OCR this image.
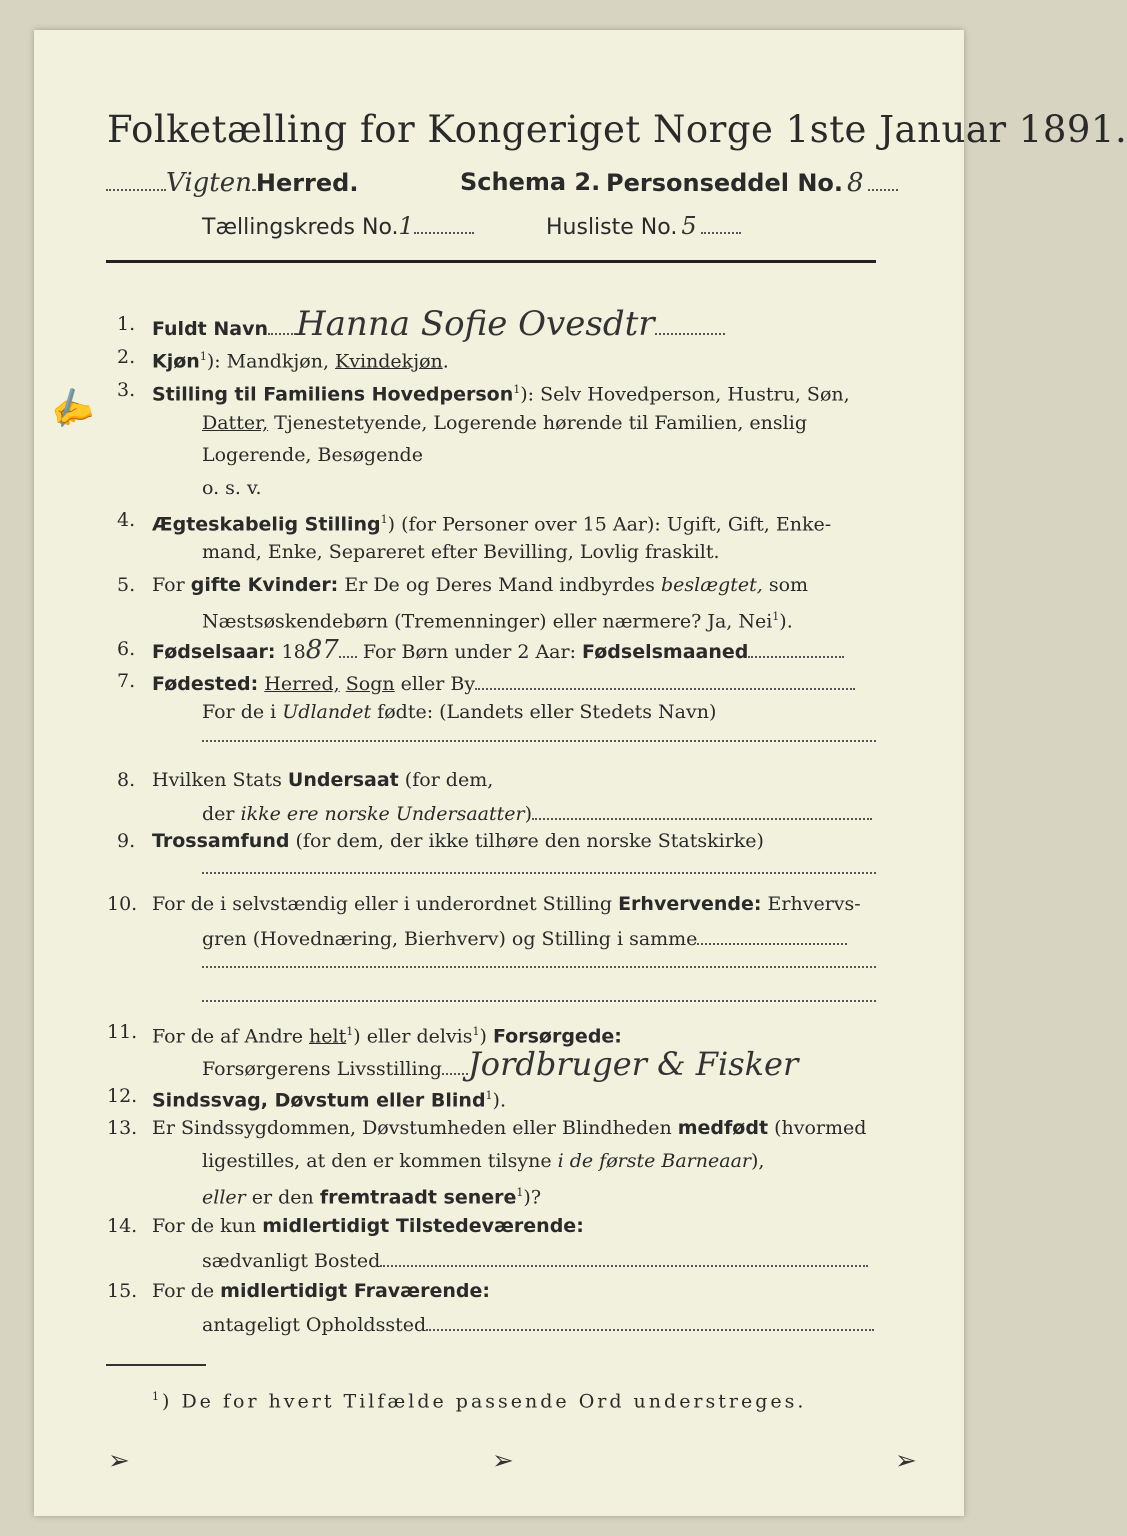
Folketælling for Kongeriget Norge 1ste Januar 1891.
Vigten Herred.	Schema 2. Personseddel No. 8
Tællingskreds No.1	Husliste No. 5
1. Fuldt Navn Hanna Sofie Ovesdtr
2. Kjøn$^1$): Mandkjøn, Kvindekjøn.
3. Stilling til Familiens Hovedperson$^1$): Selv Hovedperson, Hustru, Søn,
Datter, Tjenestetyende, Logerende hørende til Familien, enslig
Logerende, Besøgende
o. s. v.
4. Ægteskabelig Stilling$^1$) (for Personer over 15 Aar): Ugift, Gift, Enke-
mand, Enke, Separeret efter Bevilling, Lovlig fraskilt.
5. For gifte Kvinder: Er De og Deres Mand indbyrdes beslægtet, som
Næstsøskendebørn (Tremenninger) eller nærmere? Ja, Nei$^1$).
6. Fødselsaar: 1887 For Børn under 2 Aar: Fødselsmaaned
7. Fødested: Herred, Sogn eller By
For de i Udlandet fødte: (Landets eller Stedets Navn)
8. Hvilken Stats Undersaat (for dem,
der ikke ere norske Undersaatter)
9. Trossamfund (for dem, der ikke tilhøre den norske Statskirke)
10. For de i selvstændig eller i underordnet Stilling Erhvervende: Erhvervs-
gren (Hovednæring, Bierhverv) og Stilling i samme
11. For de af Andre helt$^1$) eller delvis$^1$) Forsørgede:
Forsørgerens Livsstilling Jordbruger & Fisker
12. Sindssvag, Døvstum eller Blind$^1$).
13. Er Sindssygdommen, Døvstumheden eller Blindheden medfødt (hvormed
ligestilles, at den er kommen tilsyne i de første Barneaar),
eller er den fremtraadt senere$^1$)?
14. For de kun midlertidigt Tilstedeværende:
sædvanligt Bosted
15. For de midlertidigt Fraværende:
antageligt Opholdssted
$^1$) De for hvert Tilfælde passende Ord understreges.
✍
➢	➢	➢
